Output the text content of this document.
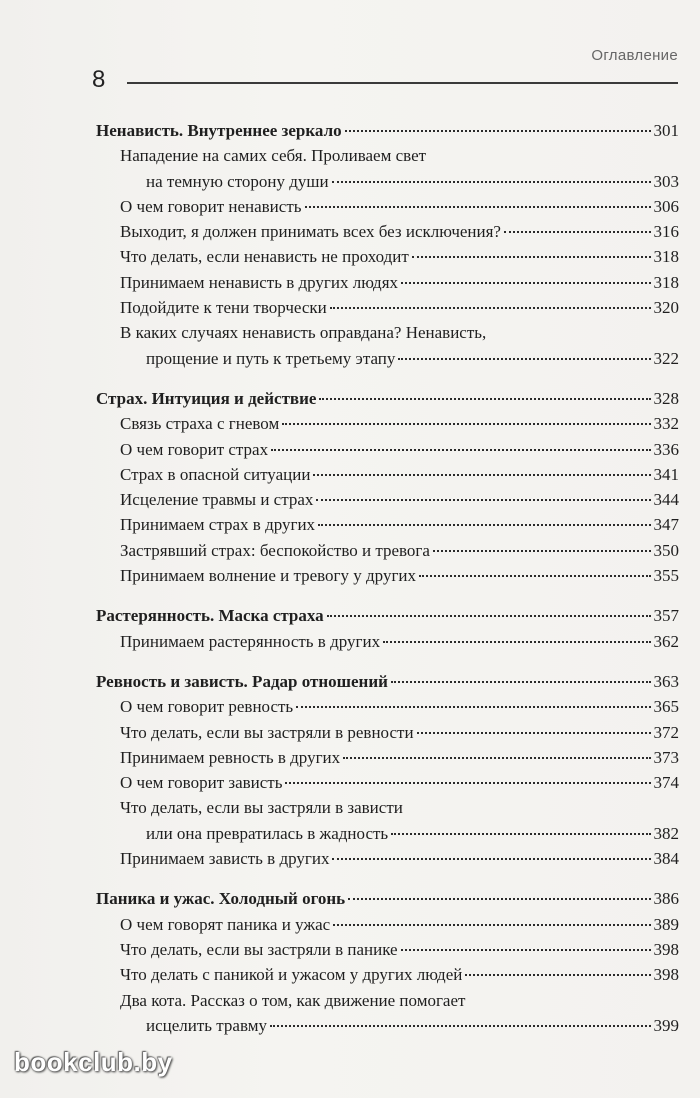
Оглавление
8
Ненависть. Внутреннее зеркало	301
Нападение на самих себя. Проливаем свет
на темную сторону души	303
О чем говорит ненависть	306
Выходит, я должен принимать всех без исключения?	316
Что делать, если ненависть не проходит	318
Принимаем ненависть в других людях	318
Подойдите к тени творчески	320
В каких случаях ненависть оправдана? Ненависть,
прощение и путь к третьему этапу	322
Страх. Интуиция и действие	328
Связь страха с гневом	332
О чем говорит страх	336
Страх в опасной ситуации	341
Исцеление травмы и страх	344
Принимаем страх в других	347
Застрявший страх: беспокойство и тревога	350
Принимаем волнение и тревогу у других	355
Растерянность. Маска страха	357
Принимаем растерянность в других	362
Ревность и зависть. Радар отношений	363
О чем говорит ревность	365
Что делать, если вы застряли в ревности	372
Принимаем ревность в других	373
О чем говорит зависть	374
Что делать, если вы застряли в зависти
или она превратилась в жадность	382
Принимаем зависть в других	384
Паника и ужас. Холодный огонь	386
О чем говорят паника и ужас	389
Что делать, если вы застряли в панике	398
Что делать с паникой и ужасом у других людей	398
Два кота. Рассказ о том, как движение помогает
исцелить травму	399
bookclub.by
